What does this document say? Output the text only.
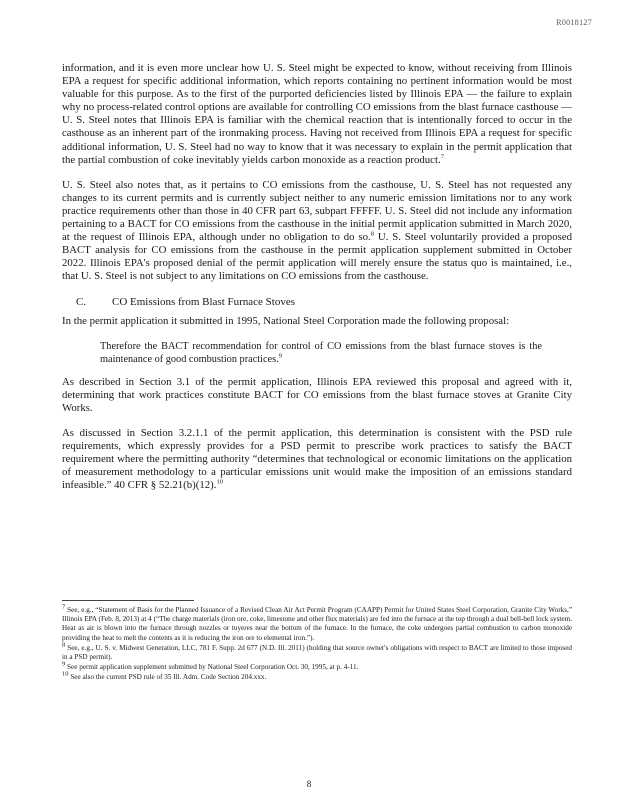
R0018127

information, and it is even more unclear how U. S. Steel might be expected to know, without receiving from Illinois EPA a request for specific additional information, which reports containing no pertinent information would be most valuable for this purpose. As to the first of the purported deficiencies listed by Illinois EPA — the failure to explain why no process-related control options are available for controlling CO emissions from the blast furnace casthouse — U. S. Steel notes that Illinois EPA is familiar with the chemical reaction that is intentionally forced to occur in the casthouse as an inherent part of the ironmaking process. Having not received from Illinois EPA a request for specific additional information, U. S. Steel had no way to know that it was necessary to explain in the permit application that the partial combustion of coke inevitably yields carbon monoxide as a reaction product.$^7$

U. S. Steel also notes that, as it pertains to CO emissions from the casthouse, U. S. Steel has not requested any changes to its current permits and is currently subject neither to any numeric emission limitations nor to any work practice requirements other than those in 40 CFR part 63, subpart FFFFF. U. S. Steel did not include any information pertaining to a BACT for CO emissions from the casthouse in the initial permit application submitted in March 2020, at the request of Illinois EPA, although under no obligation to do so.$^8$ U. S. Steel voluntarily provided a proposed BACT analysis for CO emissions from the casthouse in the permit application supplement submitted in October 2022. Illinois EPA's proposed denial of the permit application will merely ensure the status quo is maintained, i.e., that U. S. Steel is not subject to any limitations on CO emissions from the casthouse.

C. CO Emissions from Blast Furnace Stoves

In the permit application it submitted in 1995, National Steel Corporation made the following proposal:

Therefore the BACT recommendation for control of CO emissions from the blast furnace stoves is the maintenance of good combustion practices.$^9$

As described in Section 3.1 of the permit application, Illinois EPA reviewed this proposal and agreed with it, determining that work practices constitute BACT for CO emissions from the blast furnace stoves at Granite City Works.

As discussed in Section 3.2.1.1 of the permit application, this determination is consistent with the PSD rule requirements, which expressly provides for a PSD permit to prescribe work practices to satisfy the BACT requirement where the permitting authority “determines that technological or economic limitations on the application of measurement methodology to a particular emissions unit would make the imposition of an emissions standard infeasible.” 40 CFR § 52.21(b)(12).$^{10}$

$^7$ See, e.g., “Statement of Basis for the Planned Issuance of a Revised Clean Air Act Permit Program (CAAPP) Permit for United States Steel Corporation, Granite City Works,” Illinois EPA (Feb. 8, 2013) at 4 (“The charge materials (iron ore, coke, limestone and other flux materials) are fed into the furnace at the top through a dual bell-bell lock system. Heat as air is blown into the furnace through nozzles or tuyeres near the bottom of the furnace. In the furnace, the coke undergoes partial combustion to carbon monoxide providing the heat to melt the contents as it is reducing the iron ore to elemental iron.”).
$^8$ See, e.g., U. S. v. Midwest Generation, LLC, 781 F. Supp. 2d 677 (N.D. Ill. 2011) (holding that source owner's obligations with respect to BACT are limited to those imposed in a PSD permit).
$^9$ See permit application supplement submitted by National Steel Corporation Oct. 30, 1995, at p. 4-11.
$^{10}$ See also the current PSD rule of 35 Ill. Adm. Code Section 204.xxx.
8
